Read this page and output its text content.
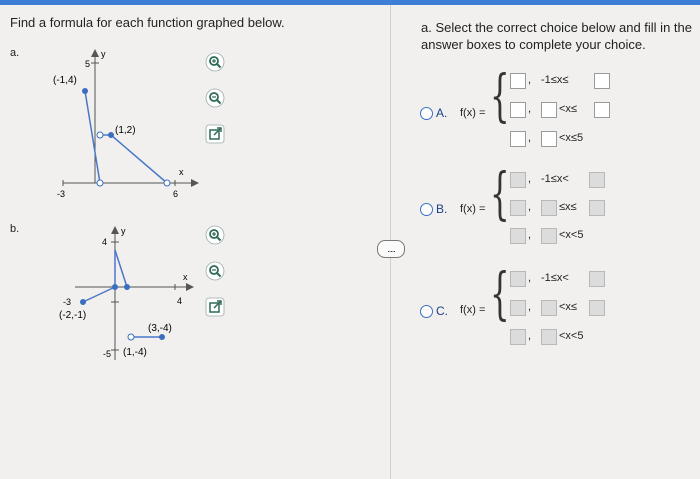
Find a formula for each function graphed below.
a.	y
x
5
-3	6
(-1,4)
(1,2)
b.	y
x
4
-3
-5
4
(-2,-1)
(3,-4)
(1,-4)

.....
a. Select the correct choice below and fill in the answer boxes to complete your choice.
A. f(x) = { , -1≤x≤
,	<x≤
,	<x≤5
B. f(x) = { , -1≤x<
,	≤x≤
,	<x<5
C. f(x) = { , -1≤x<
,	<x≤
,	<x<5
